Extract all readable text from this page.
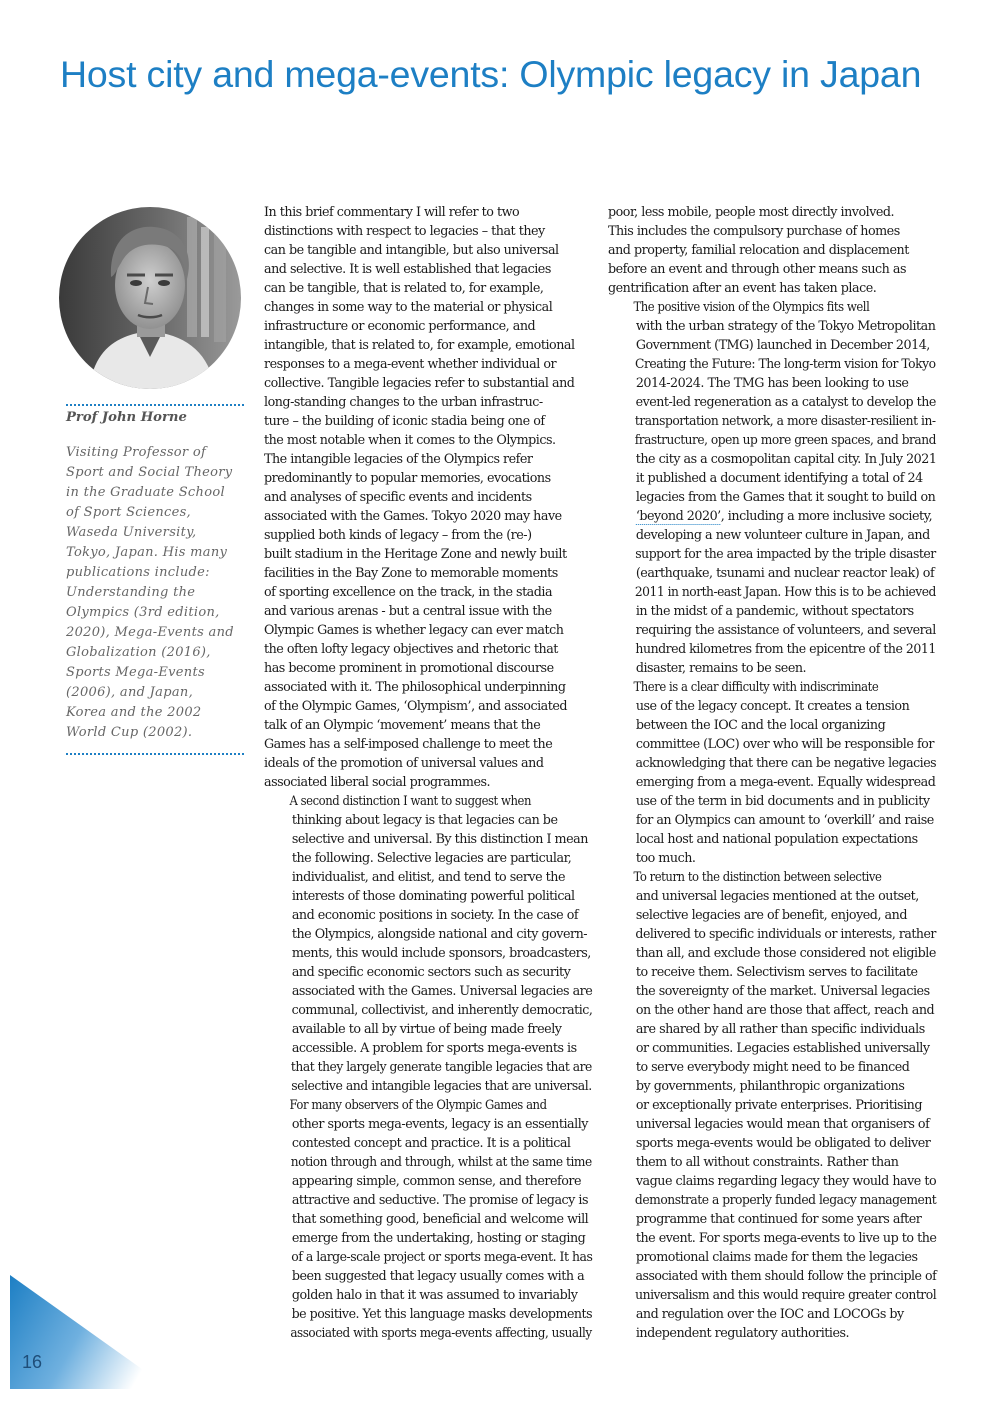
Host city and mega-events: Olympic legacy in Japan
Prof John Horne
Visiting Professor of
Sport and Social Theory
in the Graduate School
of Sport Sciences,
Waseda University,
Tokyo, Japan. His many
publications include:
Understanding the
Olympics (3rd edition,
2020), Mega-Events and
Globalization (2016),
Sports Mega-Events
(2006), and Japan,
Korea and the 2002
World Cup (2002).

In this brief commentary I will refer to two
distinctions with respect to legacies – that they
can be tangible and intangible, but also universal
and selective. It is well established that legacies
can be tangible, that is related to, for example,
changes in some way to the material or physical
infrastructure or economic performance, and
intangible, that is related to, for example, emotional
responses to a mega-event whether individual or
collective. Tangible legacies refer to substantial and
long-standing changes to the urban infrastruc-
ture – the building of iconic stadia being one of
the most notable when it comes to the Olympics.
The intangible legacies of the Olympics refer
predominantly to popular memories, evocations
and analyses of specific events and incidents
associated with the Games. Tokyo 2020 may have
supplied both kinds of legacy – from the (re-)
built stadium in the Heritage Zone and newly built
facilities in the Bay Zone to memorable moments
of sporting excellence on the track, in the stadia
and various arenas - but a central issue with the
Olympic Games is whether legacy can ever match
the often lofty legacy objectives and rhetoric that
has become prominent in promotional discourse
associated with it. The philosophical underpinning
of the Olympic Games, ‘Olympism’, and associated
talk of an Olympic ‘movement’ means that the
Games has a self-imposed challenge to meet the
ideals of the promotion of universal values and
associated liberal social programmes.

A second distinction I want to suggest when
thinking about legacy is that legacies can be
selective and universal. By this distinction I mean
the following. Selective legacies are particular,
individualist, and elitist, and tend to serve the
interests of those dominating powerful political
and economic positions in society. In the case of
the Olympics, alongside national and city govern-
ments, this would include sponsors, broadcasters,
and specific economic sectors such as security
associated with the Games. Universal legacies are
communal, collectivist, and inherently democratic,
available to all by virtue of being made freely
accessible. A problem for sports mega-events is
that they largely generate tangible legacies that are
selective and intangible legacies that are universal.

For many observers of the Olympic Games and
other sports mega-events, legacy is an essentially
contested concept and practice. It is a political
notion through and through, whilst at the same time
appearing simple, common sense, and therefore
attractive and seductive. The promise of legacy is
that something good, beneficial and welcome will
emerge from the undertaking, hosting or staging
of a large-scale project or sports mega-event. It has
been suggested that legacy usually comes with a
golden halo in that it was assumed to invariably
be positive. Yet this language masks developments
associated with sports mega-events affecting, usually

poor, less mobile, people most directly involved.
This includes the compulsory purchase of homes
and property, familial relocation and displacement
before an event and through other means such as
gentrification after an event has taken place.

The positive vision of the Olympics fits well
with the urban strategy of the Tokyo Metropolitan
Government (TMG) launched in December 2014,
Creating the Future: The long-term vision for Tokyo
2014-2024. The TMG has been looking to use
event-led regeneration as a catalyst to develop the
transportation network, a more disaster-resilient in-
frastructure, open up more green spaces, and brand
the city as a cosmopolitan capital city. In July 2021
it published a document identifying a total of 24
legacies from the Games that it sought to build on
‘beyond 2020’, including a more inclusive society,
developing a new volunteer culture in Japan, and
support for the area impacted by the triple disaster
(earthquake, tsunami and nuclear reactor leak) of
2011 in north-east Japan. How this is to be achieved
in the midst of a pandemic, without spectators
requiring the assistance of volunteers, and several
hundred kilometres from the epicentre of the 2011
disaster, remains to be seen.

There is a clear difficulty with indiscriminate
use of the legacy concept. It creates a tension
between the IOC and the local organizing
committee (LOC) over who will be responsible for
acknowledging that there can be negative legacies
emerging from a mega-event. Equally widespread
use of the term in bid documents and in publicity
for an Olympics can amount to ‘overkill’ and raise
local host and national population expectations
too much.

To return to the distinction between selective
and universal legacies mentioned at the outset,
selective legacies are of benefit, enjoyed, and
delivered to specific individuals or interests, rather
than all, and exclude those considered not eligible
to receive them. Selectivism serves to facilitate
the sovereignty of the market. Universal legacies
on the other hand are those that affect, reach and
are shared by all rather than specific individuals
or communities. Legacies established universally
to serve everybody might need to be financed
by governments, philanthropic organizations
or exceptionally private enterprises. Prioritising
universal legacies would mean that organisers of
sports mega-events would be obligated to deliver
them to all without constraints. Rather than
vague claims regarding legacy they would have to
demonstrate a properly funded legacy management
programme that continued for some years after
the event. For sports mega-events to live up to the
promotional claims made for them the legacies
associated with them should follow the principle of
universalism and this would require greater control
and regulation over the IOC and LOCOGs by
independent regulatory authorities.

16
